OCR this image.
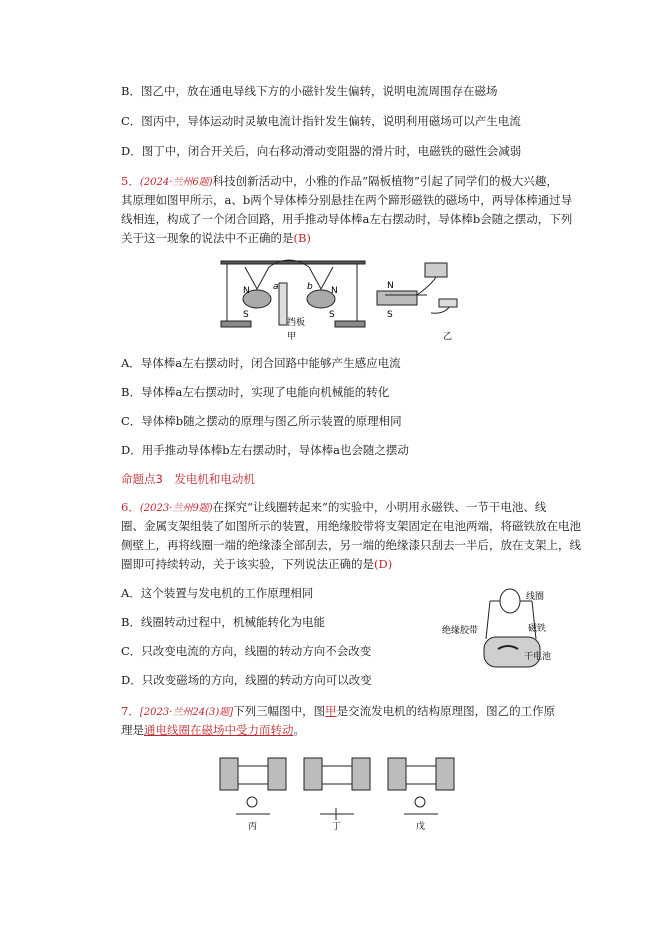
B．图乙中，放在通电导线下方的小磁针发生偏转，说明电流周围存在磁场
C．图丙中，导体运动时灵敏电流计指针发生偏转，说明利用磁场可以产生电流
D．图丁中，闭合开关后，向右移动滑动变阻器的滑片时，电磁铁的磁性会减弱
5．(2024·兰州6题)科技创新活动中，小雅的作品“隔板植物”引起了同学们的极大兴趣，
其原理如图甲所示，a、b两个导体棒分别悬挂在两个蹄形磁铁的磁场中，两导体棒通过导
线相连，构成了一个闭合回路，用手推动导体棒a左右摆动时，导体棒b会随之摆动，下列
关于这一现象的说法中不正确的是(B)
N
S
a	b N
S
挡板
甲
N
S
乙
A．导体棒a左右摆动时，闭合回路中能够产生感应电流
B．导体棒a左右摆动时，实现了电能向机械能的转化
C．导体棒b随之摆动的原理与图乙所示装置的原理相同
D．用手推动导体棒b左右摆动时，导体棒a也会随之摆动
命题点3　发电机和电动机
6．(2023·兰州9题)在探究“让线圈转起来”的实验中，小明用永磁铁、一节干电池、线
圈、金属支架组装了如图所示的装置，用绝缘胶带将支架固定在电池两端，将磁铁放在电池
侧壁上，再将线圈一端的绝缘漆全部刮去，另一端的绝缘漆只刮去一半后，放在支架上，线
圈即可持续转动，关于该实验，下列说法正确的是(D)
A．这个装置与发电机的工作原理相同
B．线圈转动过程中，机械能转化为电能
C．只改变电流的方向，线圈的转动方向不会改变
D．只改变磁场的方向，线圈的转动方向可以改变
线圈
磁铁
绝缘胶带
干电池
7．[2023·兰州24(3)题]下列三幅图中，图甲是交流发电机的结构原理图，图乙的工作原
理是通电线圈在磁场中受力而转动。
丙	丁	戊
